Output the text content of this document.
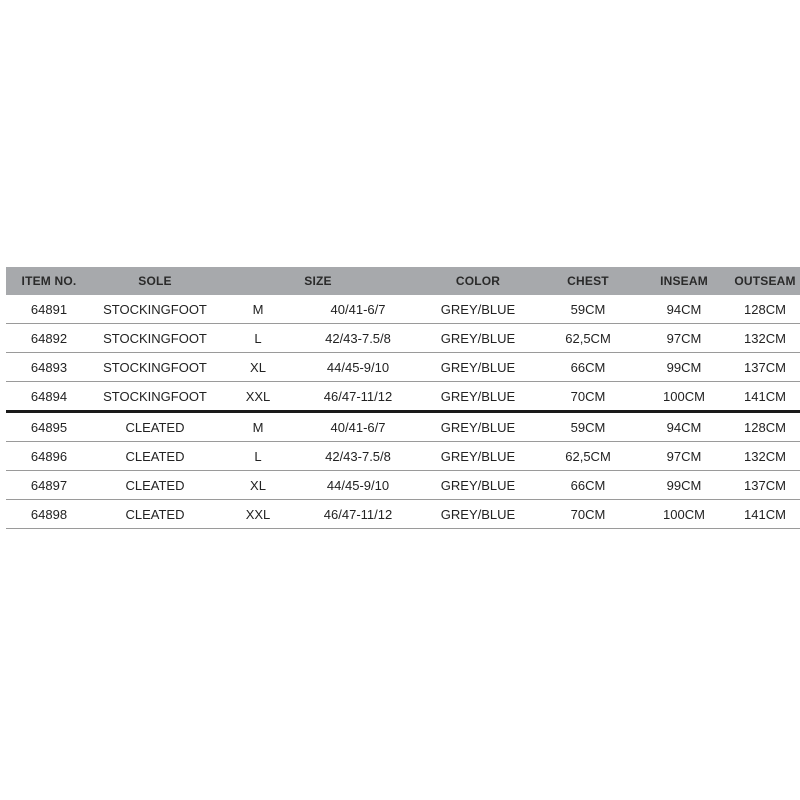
ITEM NO.	SOLE	SIZE		COLOR	CHEST	INSEAM	OUTSEAM
64891	STOCKINGFOOT	M	40/41-6/7	GREY/BLUE	59CM	94CM	128CM
64892	STOCKINGFOOT	L	42/43-7.5/8	GREY/BLUE	62,5CM	97CM	132CM
64893	STOCKINGFOOT	XL	44/45-9/10	GREY/BLUE	66CM	99CM	137CM
64894	STOCKINGFOOT	XXL	46/47-11/12	GREY/BLUE	70CM	100CM	141CM
64895	CLEATED	M	40/41-6/7	GREY/BLUE	59CM	94CM	128CM
64896	CLEATED	L	42/43-7.5/8	GREY/BLUE	62,5CM	97CM	132CM
64897	CLEATED	XL	44/45-9/10	GREY/BLUE	66CM	99CM	137CM
64898	CLEATED	XXL	46/47-11/12	GREY/BLUE	70CM	100CM	141CM
